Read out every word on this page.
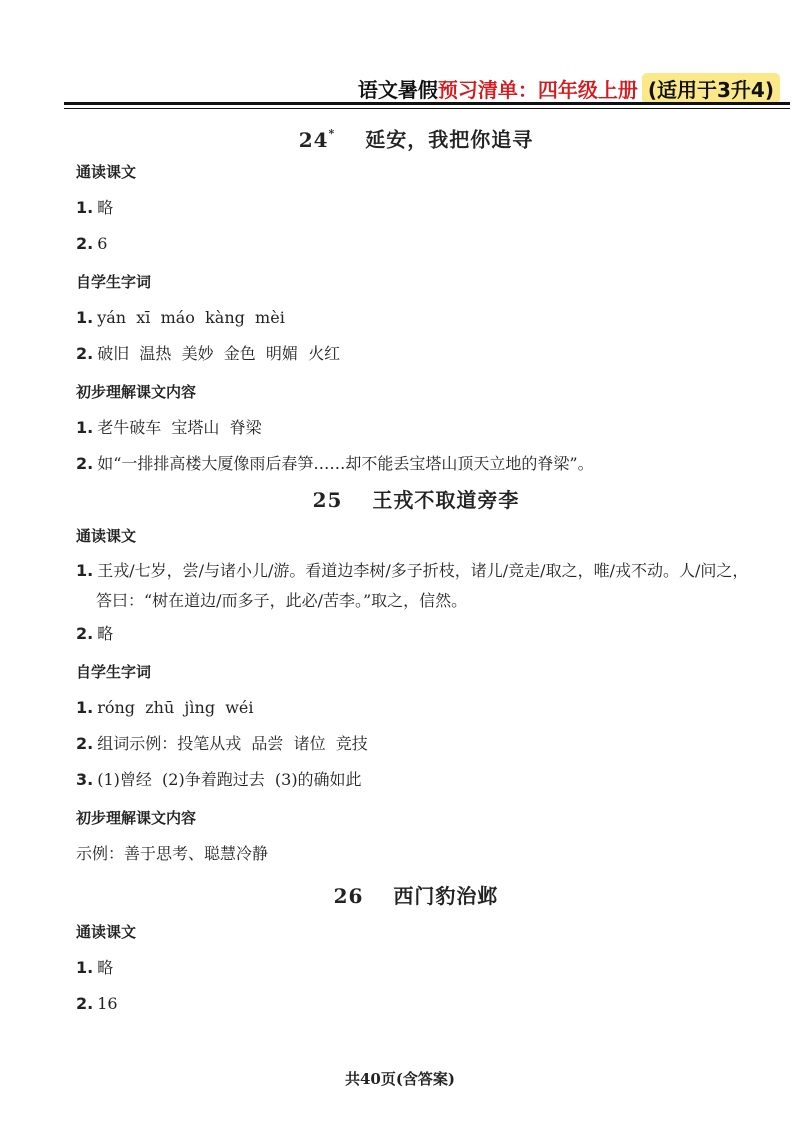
语文暑假 预习清单：四年级上册 (适用于3升4)
24* 延安，我把你追寻
通读课文
1. 略
2. 6
自学生字词
1. yán  xī  máo  kàng  mèi
2. 破旧  温热  美妙  金色  明媚  火红
初步理解课文内容
1. 老牛破车  宝塔山  脊梁
2. 如“一排排高楼大厦像雨后春笋……却不能丢宝塔山顶天立地的脊梁”。
25 王戎不取道旁李
通读课文
1. 王戎/七岁，尝/与诸小儿/游。看道边李树/多子折枝，诸儿/竞走/取之，唯/戎不动。人/问之，答曰：“树在道边/而多子，此必/苦李。”取之，信然。
2. 略
自学生字词
1. róng  zhū  jìng  wéi
2. 组词示例：投笔从戎  品尝  诸位  竞技
3. (1)曾经  (2)争着跑过去  (3)的确如此
初步理解课文内容
示例：善于思考、聪慧冷静
26 西门豹治邺
通读课文
1. 略
2. 16
共40页(含答案)
